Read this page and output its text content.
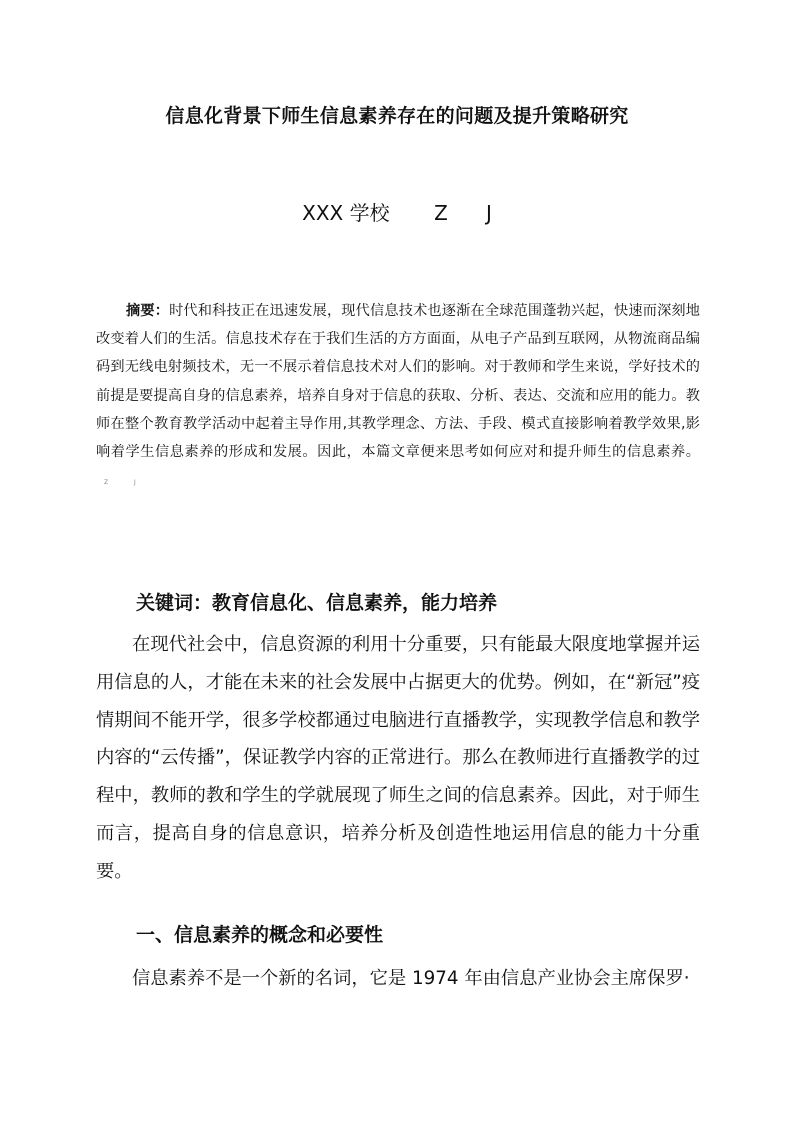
信息化背景下师生信息素养存在的问题及提升策略研究
XXX 学校       Z      J
摘要：时代和科技正在迅速发展，现代信息技术也逐渐在全球范围蓬勃兴起，快速而深刻地改变着人们的生活。信息技术存在于我们生活的方方面面，从电子产品到互联网，从物流商品编码到无线电射频技术，无一不展示着信息技术对人们的影响。对于教师和学生来说，学好技术的前提是要提高自身的信息素养，培养自身对于信息的获取、分析、表达、交流和应用的能力。教师在整个教育教学活动中起着主导作用,其教学理念、方法、手段、模式直接影响着教学效果,影响着学生信息素养的形成和发展。因此，本篇文章便来思考如何应对和提升师生的信息素养。Z J
关键词：教育信息化、信息素养，能力培养
在现代社会中，信息资源的利用十分重要，只有能最大限度地掌握并运用信息的人，才能在未来的社会发展中占据更大的优势。例如，在“新冠”疫情期间不能开学，很多学校都通过电脑进行直播教学，实现教学信息和教学内容的“云传播”，保证教学内容的正常进行。那么在教师进行直播教学的过程中，教师的教和学生的学就展现了师生之间的信息素养。因此，对于师生而言，提高自身的信息意识，培养分析及创造性地运用信息的能力十分重要。
一、信息素养的概念和必要性
信息素养不是一个新的名词，它是 1974 年由信息产业协会主席保罗·
